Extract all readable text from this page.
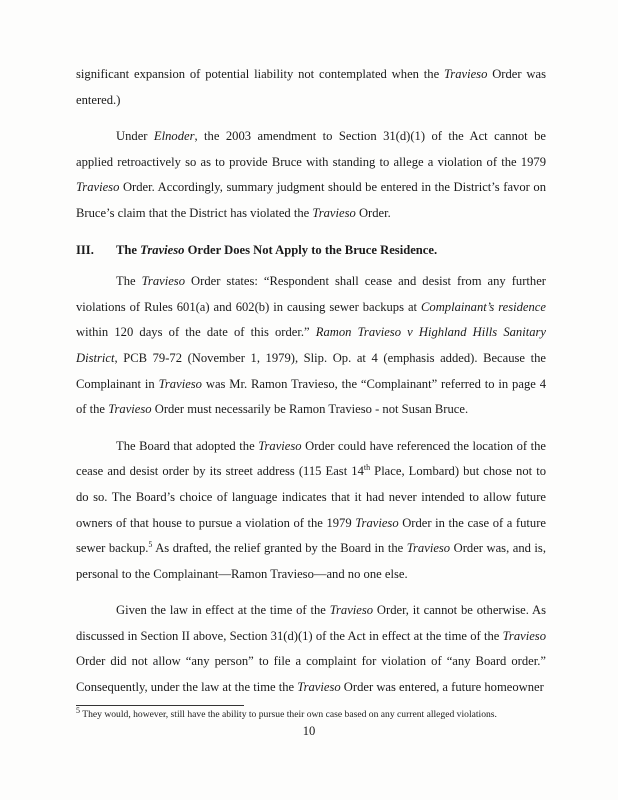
significant expansion of potential liability not contemplated when the Travieso Order was entered.)

Under Elnoder, the 2003 amendment to Section 31(d)(1) of the Act cannot be applied retroactively so as to provide Bruce with standing to allege a violation of the 1979 Travieso Order. Accordingly, summary judgment should be entered in the District’s favor on Bruce’s claim that the District has violated the Travieso Order.

III.	The Travieso Order Does Not Apply to the Bruce Residence.

The Travieso Order states: “Respondent shall cease and desist from any further violations of Rules 601(a) and 602(b) in causing sewer backups at Complainant’s residence within 120 days of the date of this order.” Ramon Travieso v Highland Hills Sanitary District, PCB 79-72 (November 1, 1979), Slip. Op. at 4 (emphasis added). Because the Complainant in Travieso was Mr. Ramon Travieso, the “Complainant” referred to in page 4 of the Travieso Order must necessarily be Ramon Travieso - not Susan Bruce.

The Board that adopted the Travieso Order could have referenced the location of the cease and desist order by its street address (115 East 14th Place, Lombard) but chose not to do so. The Board’s choice of language indicates that it had never intended to allow future owners of that house to pursue a violation of the 1979 Travieso Order in the case of a future sewer backup.$^5$ As drafted, the relief granted by the Board in the Travieso Order was, and is, personal to the Complainant—Ramon Travieso—and no one else.

Given the law in effect at the time of the Travieso Order, it cannot be otherwise. As discussed in Section II above, Section 31(d)(1) of the Act in effect at the time of the Travieso Order did not allow “any person” to file a complaint for violation of “any Board order.” Consequently, under the law at the time the Travieso Order was entered, a future homeowner

$^5$ They would, however, still have the ability to pursue their own case based on any current alleged violations.
10
